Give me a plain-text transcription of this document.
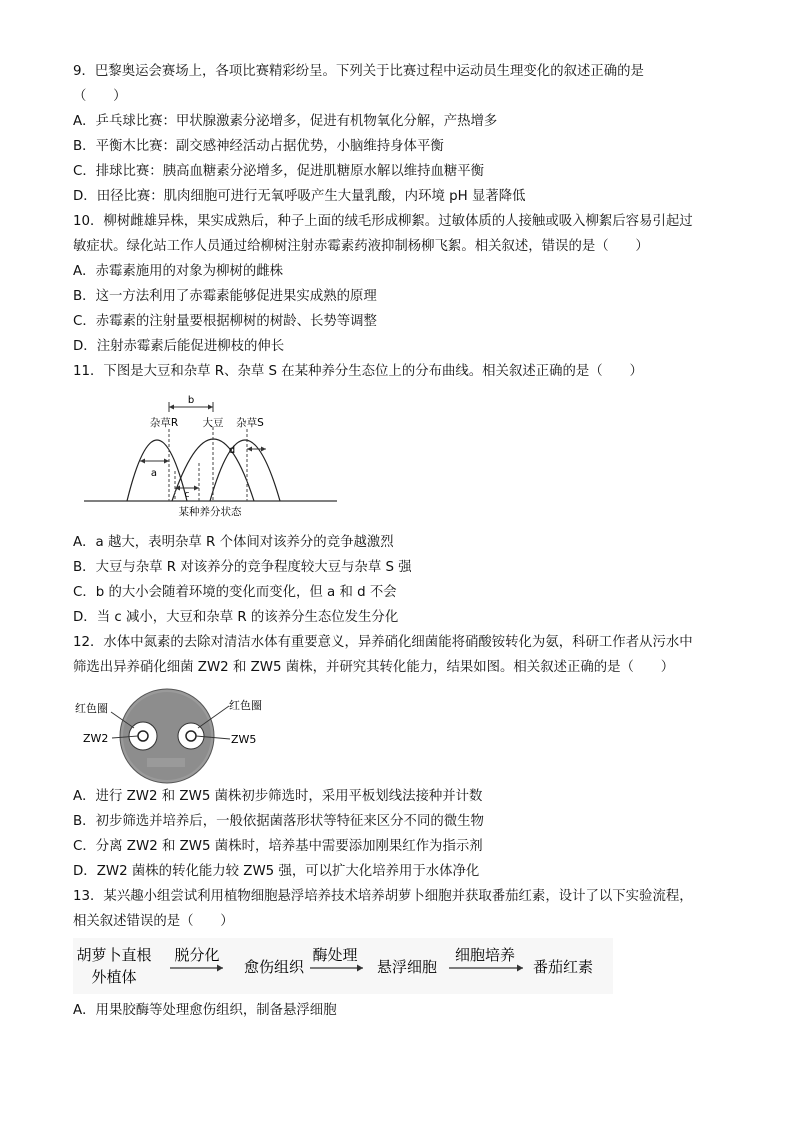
9．巴黎奥运会赛场上，各项比赛精彩纷呈。下列关于比赛过程中运动员生理变化的叙述正确的是
（　　）
A．乒乓球比赛：甲状腺激素分泌增多，促进有机物氧化分解，产热增多
B．平衡木比赛：副交感神经活动占据优势，小脑维持身体平衡
C．排球比赛：胰高血糖素分泌增多，促进肌糖原水解以维持血糖平衡
D．田径比赛：肌肉细胞可进行无氧呼吸产生大量乳酸，内环境 pH 显著降低
10．柳树雌雄异株，果实成熟后，种子上面的绒毛形成柳絮。过敏体质的人接触或吸入柳絮后容易引起过
敏症状。绿化站工作人员通过给柳树注射赤霉素药液抑制杨柳飞絮。相关叙述，错误的是（　　）
A．赤霉素施用的对象为柳树的雌株
B．这一方法利用了赤霉素能够促进果实成熟的原理
C．赤霉素的注射量要根据柳树的树龄、长势等调整
D．注射赤霉素后能促进柳枝的伸长
11．下图是大豆和杂草 R、杂草 S 在某种养分生态位上的分布曲线。相关叙述正确的是（　　）
b
a
c
d
杂草R 大豆 杂草S
某种养分状态
A．a 越大，表明杂草 R 个体间对该养分的竞争越激烈
B．大豆与杂草 R 对该养分的竞争程度较大豆与杂草 S 强
C．b 的大小会随着环境的变化而变化，但 a 和 d 不会
D．当 c 减小，大豆和杂草 R 的该养分生态位发生分化
12．水体中氮素的去除对清洁水体有重要意义，异养硝化细菌能将硝酸铵转化为氨，科研工作者从污水中
筛选出异养硝化细菌 ZW2 和 ZW5 菌株，并研究其转化能力，结果如图。相关叙述正确的是（　　）
红色圈
ZW2
红色圈
ZW5
A．进行 ZW2 和 ZW5 菌株初步筛选时，采用平板划线法接种并计数
B．初步筛选并培养后，一般依据菌落形状等特征来区分不同的微生物
C．分离 ZW2 和 ZW5 菌株时，培养基中需要添加刚果红作为指示剂
D．ZW2 菌株的转化能力较 ZW5 强，可以扩大化培养用于水体净化
13．某兴趣小组尝试利用植物细胞悬浮培养技术培养胡萝卜细胞并获取番茄红素，设计了以下实验流程，
相关叙述错误的是（　　）
胡萝卜直根
外植体
脱分化
愈伤组织
酶处理
悬浮细胞
细胞培养
番茄红素
A．用果胶酶等处理愈伤组织，制备悬浮细胞
